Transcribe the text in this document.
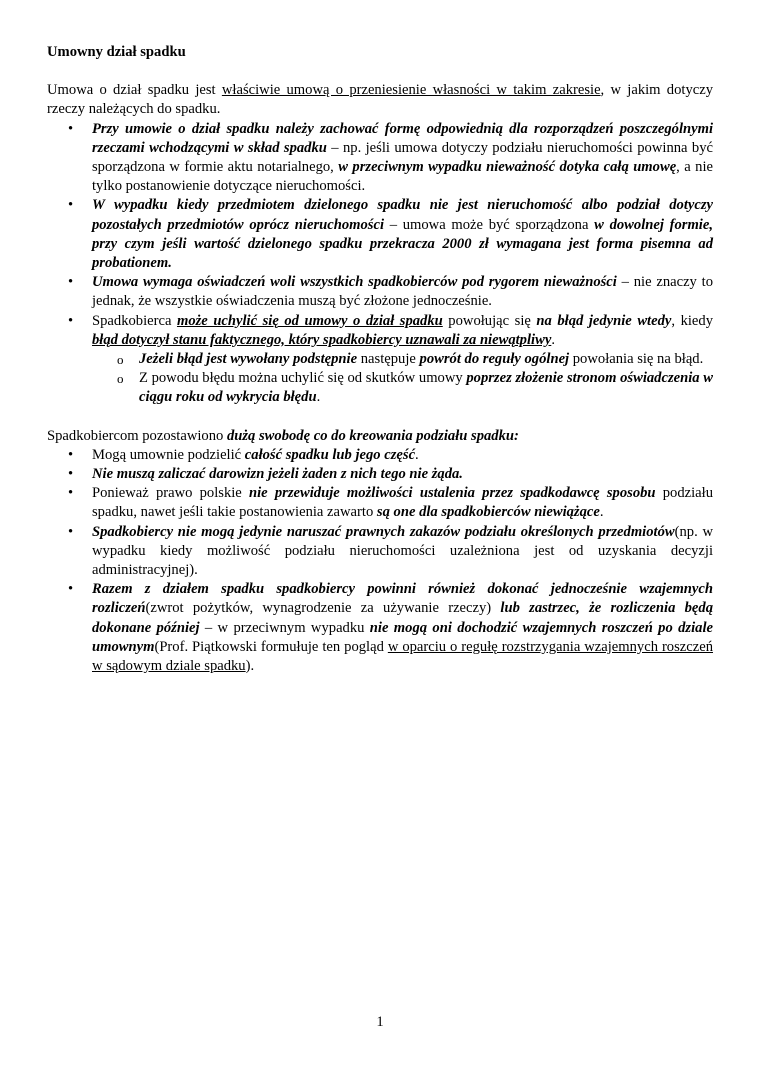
Umowny dział spadku

Umowa o dział spadku jest właściwie umową o przeniesienie własności w takim zakresie, w jakim dotyczy rzeczy należących do spadku.

• Przy umowie o dział spadku należy zachować formę odpowiednią dla rozporządzeń poszczególnymi rzeczami wchodzącymi w skład spadku – np. jeśli umowa dotyczy podziału nieruchomości powinna być sporządzona w formie aktu notarialnego, w przeciwnym wypadku nieważność dotyka całą umowę, a nie tylko postanowienie dotyczące nieruchomości.
• W wypadku kiedy przedmiotem dzielonego spadku nie jest nieruchomość albo podział dotyczy pozostałych przedmiotów oprócz nieruchomości – umowa może być sporządzona w dowolnej formie, przy czym jeśli wartość dzielonego spadku przekracza 2000 zł wymagana jest forma pisemna ad probationem.
• Umowa wymaga oświadczeń woli wszystkich spadkobierców pod rygorem nieważności – nie znaczy to jednak, że wszystkie oświadczenia muszą być złożone jednocześnie.
• Spadkobierca może uchylić się od umowy o dział spadku powołując się na błąd jedynie wtedy, kiedy błąd dotyczył stanu faktycznego, który spadkobiercy uznawali za niewątpliwy.
o Jeżeli błąd jest wywołany podstępnie następuje powrót do reguły ogólnej powołania się na błąd.
o Z powodu błędu można uchylić się od skutków umowy poprzez złożenie stronom oświadczenia w ciągu roku od wykrycia błędu.

Spadkobiercom pozostawiono dużą swobodę co do kreowania podziału spadku:

• Mogą umownie podzielić całość spadku lub jego część.
• Nie muszą zaliczać darowizn jeżeli żaden z nich tego nie żąda.
• Ponieważ prawo polskie nie przewiduje możliwości ustalenia przez spadkodawcę sposobu podziału spadku, nawet jeśli takie postanowienia zawarto są one dla spadkobierców niewiążące.
• Spadkobiercy nie mogą jedynie naruszać prawnych zakazów podziału określonych przedmiotów(np. w wypadku kiedy możliwość podziału nieruchomości uzależniona jest od uzyskania decyzji administracyjnej).
• Razem z działem spadku spadkobiercy powinni również dokonać jednocześnie wzajemnych rozliczeń(zwrot pożytków, wynagrodzenie za używanie rzeczy) lub zastrzec, że rozliczenia będą dokonane później – w przeciwnym wypadku nie mogą oni dochodzić wzajemnych roszczeń po dziale umownym(Prof. Piątkowski formułuje ten pogląd w oparciu o regułę rozstrzygania wzajemnych roszczeń w sądowym dziale spadku).
1
